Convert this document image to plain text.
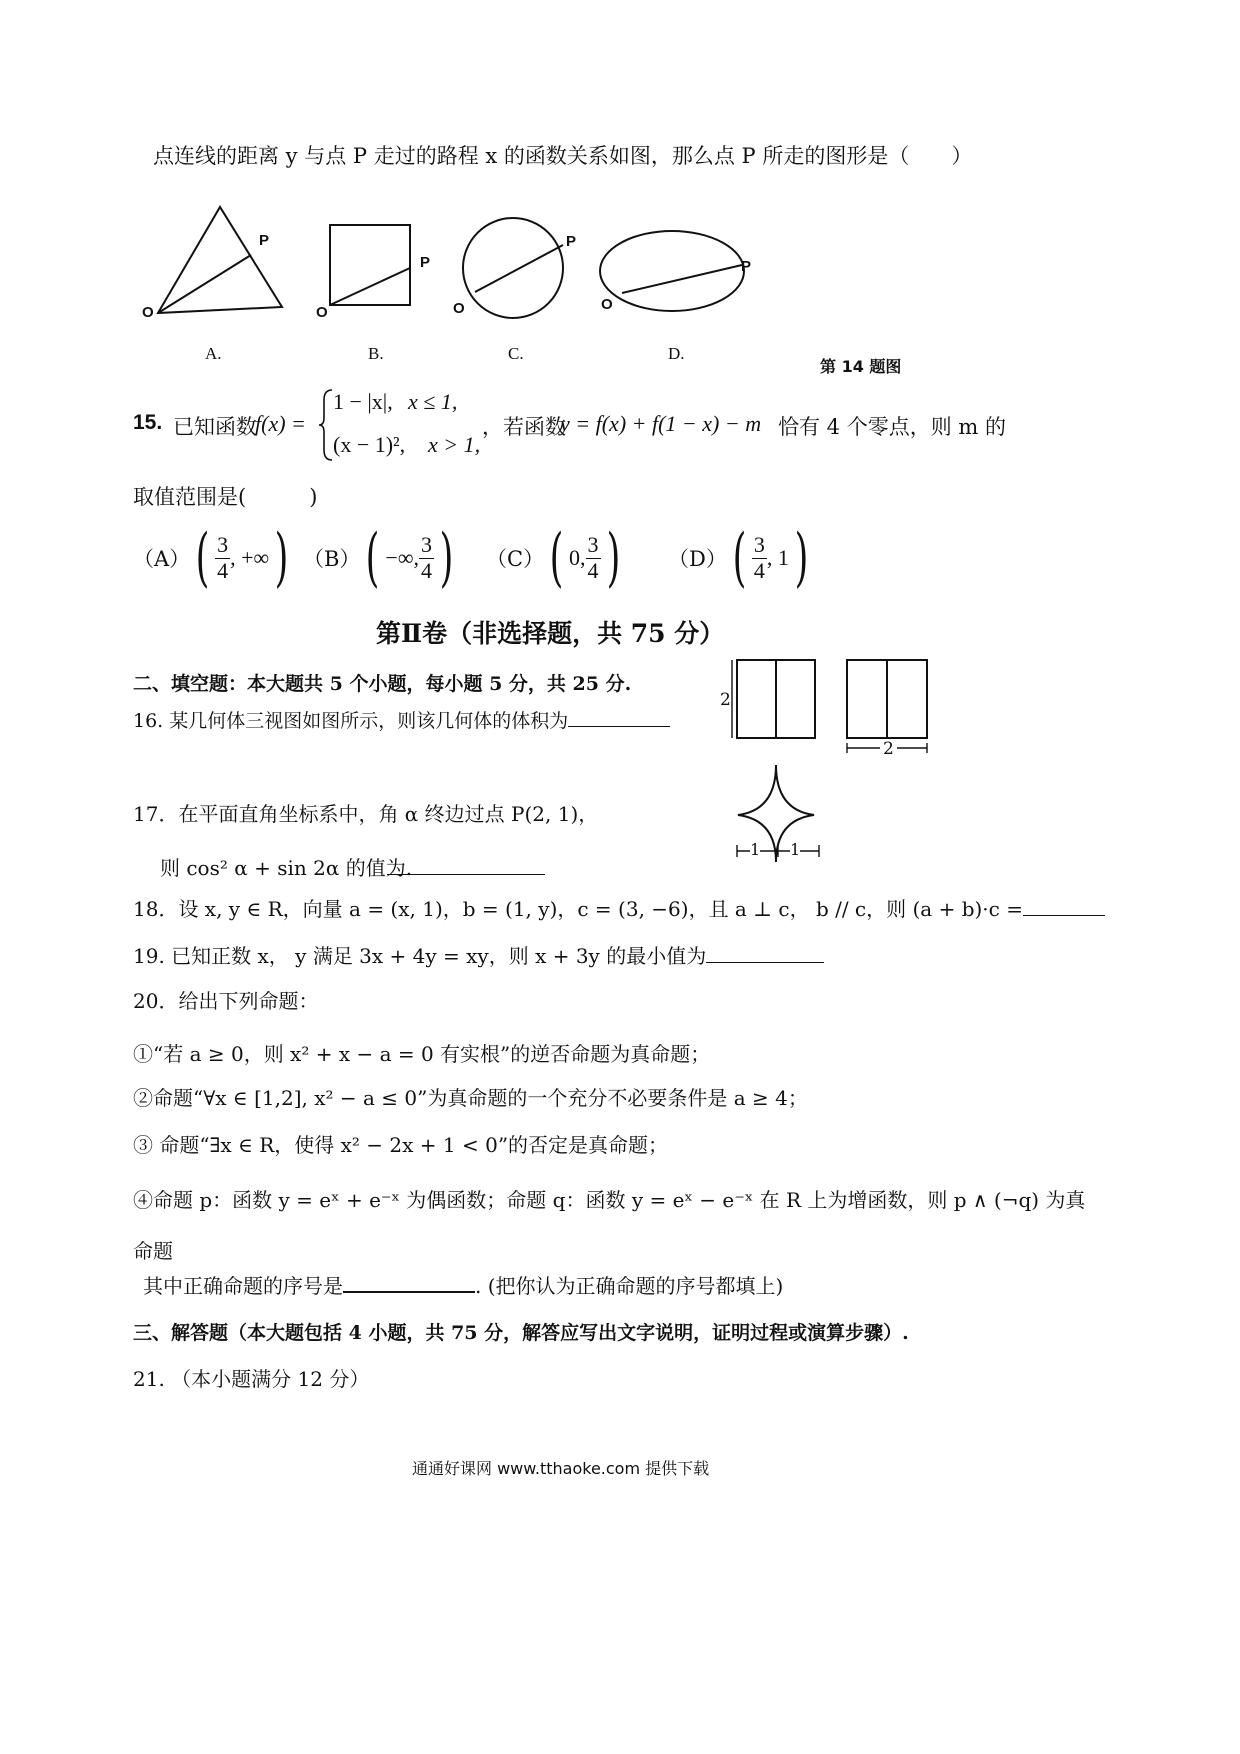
点连线的距离 y 与点 P 走过的路程 x 的函数关系如图，那么点 P 所走的图形是（　　）
O
P
O
P
O
P
O
P
A.	B.	C.	D.
第 14 题图
15. 已知函数
f(x) =
1 − |x|, x ≤ 1,
(x − 1)², x > 1,
，若函数
y = f(x) + f(1 − x) − m 恰有 4 个零点，则 m 的
取值范围是(　　　)
（A） ( $\frac{3}{4}$ , +∞ ) （B） ( −∞, $\frac{3}{4}$ ) （C） ( 0, $\frac{3}{4}$ ) （D） ( $\frac{3}{4}$ , 1 )
第Ⅱ卷（非选择题，共 75 分）
二、填空题：本大题共 5 个小题，每小题 5 分，共 25 分.
16. 某几何体三视图如图所示，则该几何体的体积为
2
2
1 1
17．在平面直角坐标系中，角 α 终边过点 P(2, 1)，
则 cos² α + sin 2α 的值为.
18．设 x, y ∈ R，向量 a = (x, 1)，b = (1, y)，c = (3, −6)，且 a ⊥ c， b // c，则 (a + b)·c =
19. 已知正数 x， y 满足 3x + 4y = xy，则 x + 3y 的最小值为
20．给出下列命题：
①“若 a ≥ 0，则 x² + x − a = 0 有实根”的逆否命题为真命题；
②命题“∀x ∈ [1,2], x² − a ≤ 0”为真命题的一个充分不必要条件是 a ≥ 4；
③ 命题“∃x ∈ R，使得 x² − 2x + 1 < 0”的否定是真命题；
④命题 p：函数 y = eˣ + e⁻ˣ 为偶函数；命题 q：函数 y = eˣ − e⁻ˣ 在 R 上为增函数，则 p ∧ (¬q) 为真
命题
其中正确命题的序号是	. (把你认为正确命题的序号都填上)
三、解答题（本大题包括 4 小题，共 75 分，解答应写出文字说明，证明过程或演算步骤）.
21. （本小题满分 12 分）
通通好课网 www.tthaoke.com 提供下载
